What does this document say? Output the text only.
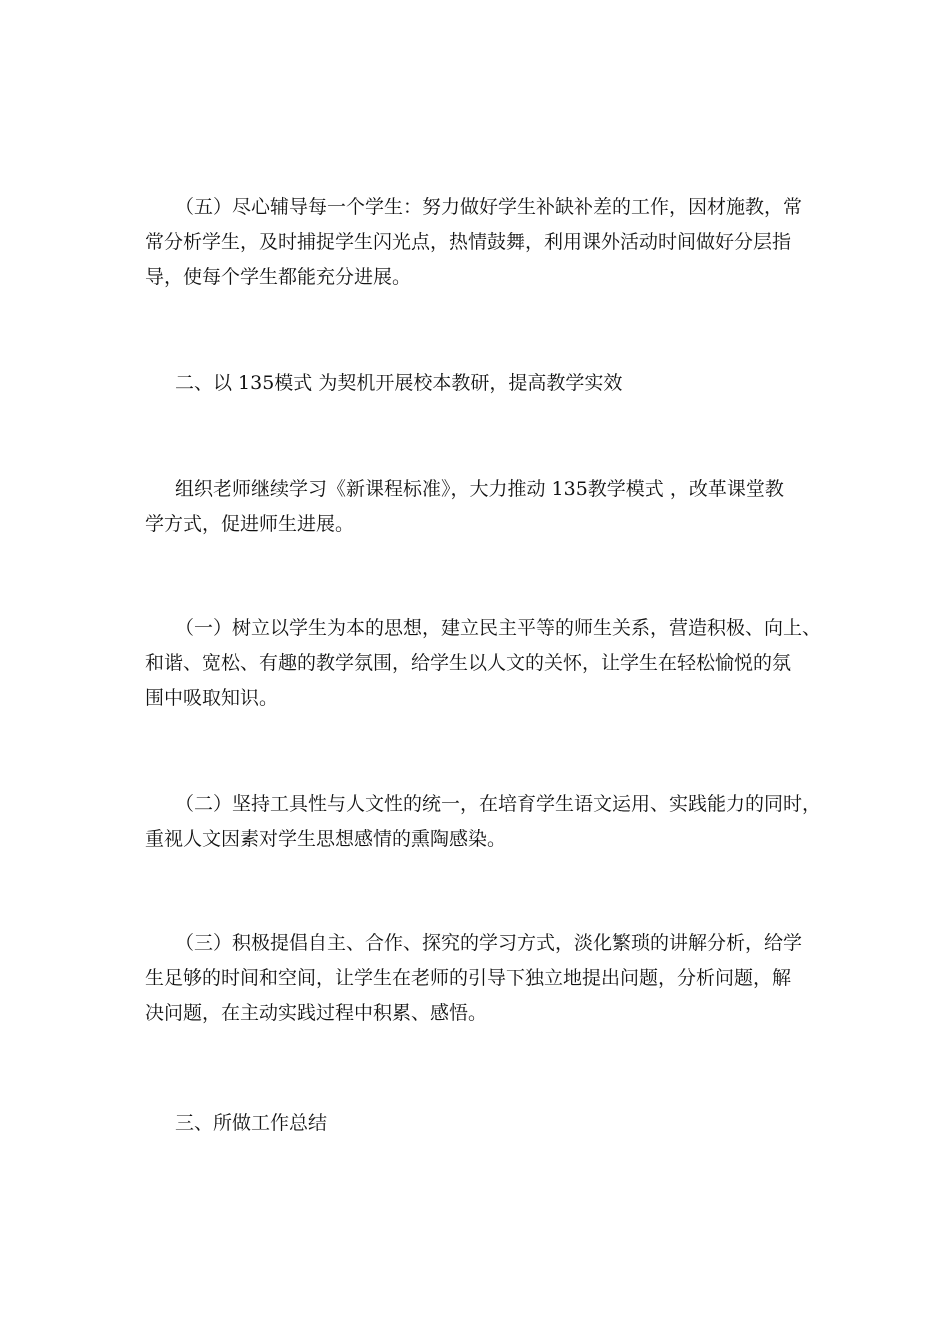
（五）尽心辅导每一个学生：努力做好学生补缺补差的工作，因材施教，常
常分析学生，及时捕捉学生闪光点，热情鼓舞，利用课外活动时间做好分层指
导，使每个学生都能充分进展。
二、以 135模式 为契机开展校本教研，提高教学实效
组织老师继续学习《新课程标准》，大力推动 135教学模式 ，改革课堂教
学方式，促进师生进展。
（一）树立以学生为本的思想，建立民主平等的师生关系，营造积极、向上、
和谐、宽松、有趣的教学氛围，给学生以人文的关怀，让学生在轻松愉悦的氛
围中吸取知识。
（二）坚持工具性与人文性的统一，在培育学生语文运用、实践能力的同时，
重视人文因素对学生思想感情的熏陶感染。
（三）积极提倡自主、合作、探究的学习方式，淡化繁琐的讲解分析，给学
生足够的时间和空间，让学生在老师的引导下独立地提出问题，分析问题，解
决问题，在主动实践过程中积累、感悟。
三、所做工作总结
